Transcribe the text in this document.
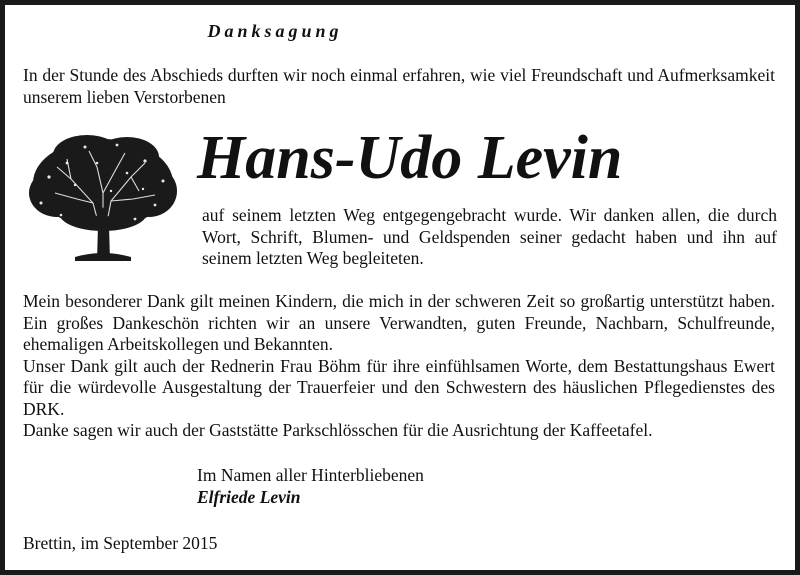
Danksagung

In der Stunde des Abschieds durften wir noch einmal erfahren, wie viel Freundschaft und Aufmerksamkeit unserem lieben Verstorbenen

Hans-Udo Levin

auf seinem letzten Weg entgegengebracht wurde. Wir danken allen, die durch Wort, Schrift, Blumen- und Geldspenden seiner gedacht haben und ihn auf seinem letzten Weg begleiteten.

Mein besonderer Dank gilt meinen Kindern, die mich in der schweren Zeit so großartig unterstützt haben. Ein großes Dankeschön richten wir an unsere Verwandten, guten Freunde, Nachbarn, Schulfreunde, ehemaligen Arbeitskollegen und Bekannten.
Unser Dank gilt auch der Rednerin Frau Böhm für ihre einfühlsamen Worte, dem Bestattungshaus Ewert für die würdevolle Ausgestaltung der Trauerfeier und den Schwestern des häuslichen Pflegedienstes des DRK.
Danke sagen wir auch der Gaststätte Parkschlösschen für die Ausrichtung der Kaffeetafel.
Im Namen aller Hinterbliebenen
Elfriede Levin
Brettin, im September 2015
